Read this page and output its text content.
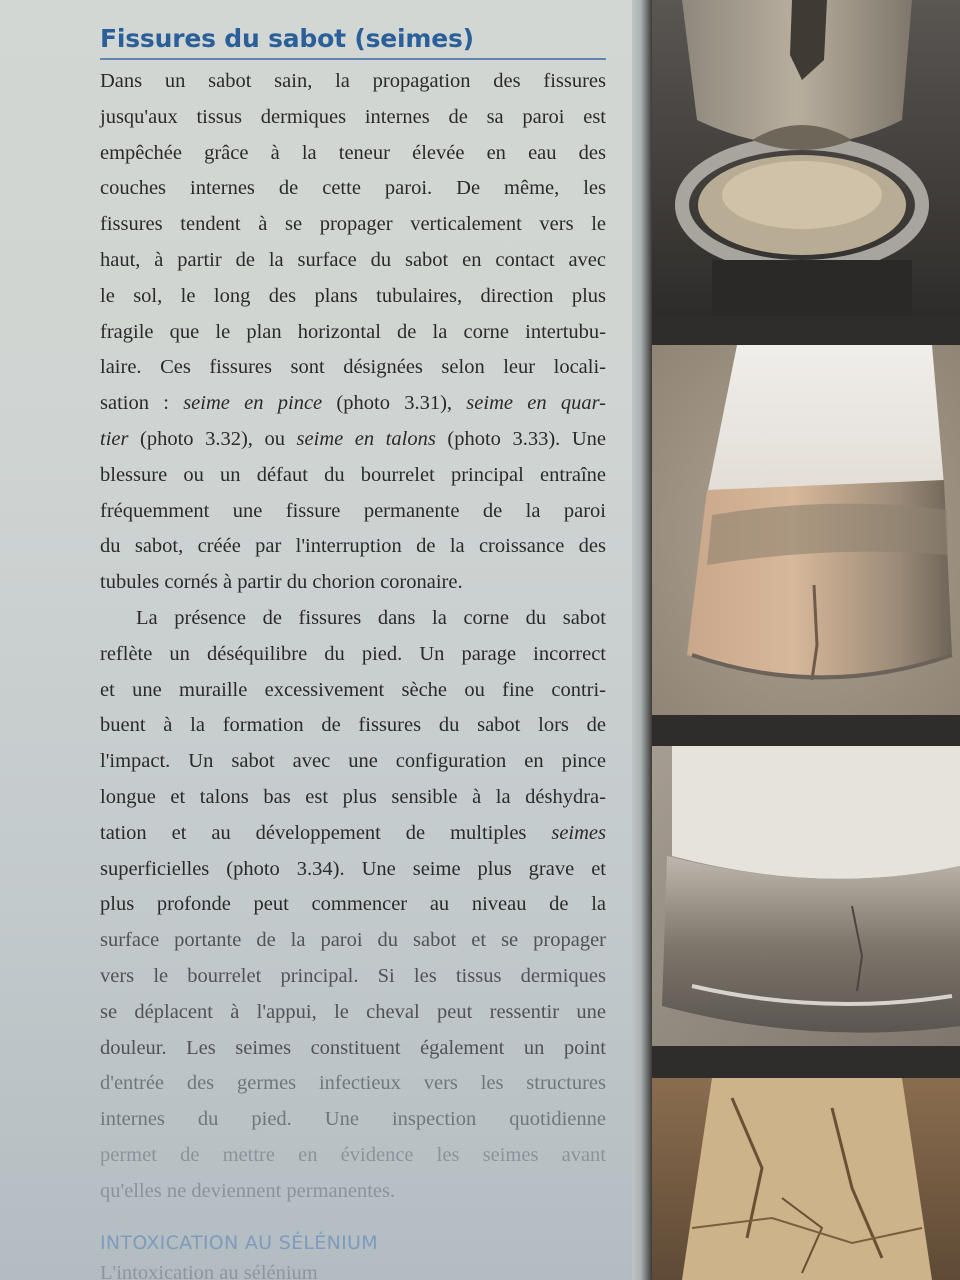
Fissures du sabot (seimes)
Dans un sabot sain, la propagation des fissures
jusqu'aux tissus dermiques internes de sa paroi est
empêchée grâce à la teneur élevée en eau des
couches internes de cette paroi. De même, les
fissures tendent à se propager verticalement vers le
haut, à partir de la surface du sabot en contact avec
le sol, le long des plans tubulaires, direction plus
fragile que le plan horizontal de la corne intertubu-
laire. Ces fissures sont désignées selon leur locali-
sation : seime en pince (photo 3.31), seime en quar-
tier (photo 3.32), ou seime en talons (photo 3.33). Une
blessure ou un défaut du bourrelet principal entraîne
fréquemment une fissure permanente de la paroi
du sabot, créée par l'interruption de la croissance des
tubules cornés à partir du chorion coronaire.
La présence de fissures dans la corne du sabot
reflète un déséquilibre du pied. Un parage incorrect
et une muraille excessivement sèche ou fine contri-
buent à la formation de fissures du sabot lors de
l'impact. Un sabot avec une configuration en pince
longue et talons bas est plus sensible à la déshydra-
tation et au développement de multiples seimes
superficielles (photo 3.34). Une seime plus grave et
plus profonde peut commencer au niveau de la
surface portante de la paroi du sabot et se propager
vers le bourrelet principal. Si les tissus dermiques
se déplacent à l'appui, le cheval peut ressentir une
douleur. Les seimes constituent également un point
d'entrée des germes infectieux vers les structures
internes du pied. Une inspection quotidienne
permet de mettre en évidence les seimes avant
qu'elles ne deviennent permanentes.
INTOXICATION AU SÉLÉNIUM
L'intoxication au sélénium
